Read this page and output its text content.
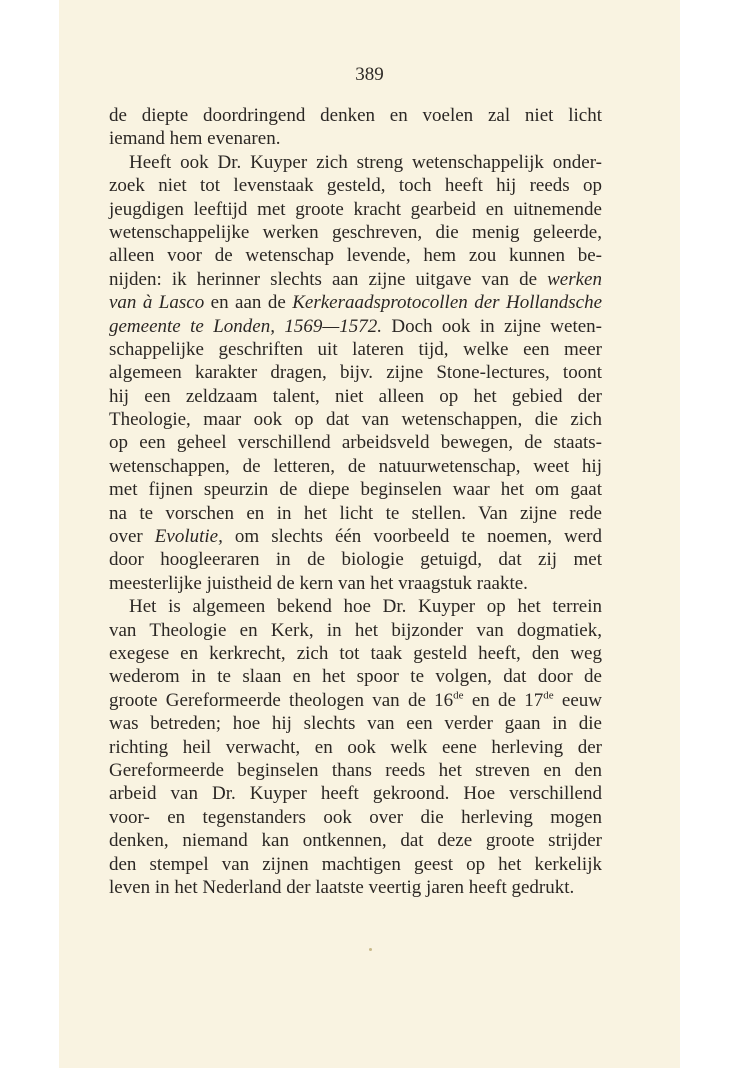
389
de diepte doordringend denken en voelen zal niet licht
iemand hem evenaren.
Heeft ook Dr. Kuyper zich streng wetenschappelijk onder-
zoek niet tot levenstaak gesteld, toch heeft hij reeds op
jeugdigen leeftijd met groote kracht gearbeid en uitnemende
wetenschappelijke werken geschreven, die menig geleerde,
alleen voor de wetenschap levende, hem zou kunnen be-
nijden: ik herinner slechts aan zijne uitgave van de werken
van à Lasco en aan de Kerkeraadsprotocollen der Hollandsche
gemeente te Londen, 1569—1572. Doch ook in zijne weten-
schappelijke geschriften uit lateren tijd, welke een meer
algemeen karakter dragen, bijv. zijne Stone-lectures, toont
hij een zeldzaam talent, niet alleen op het gebied der
Theologie, maar ook op dat van wetenschappen, die zich
op een geheel verschillend arbeidsveld bewegen, de staats-
wetenschappen, de letteren, de natuurwetenschap, weet hij
met fijnen speurzin de diepe beginselen waar het om gaat
na te vorschen en in het licht te stellen. Van zijne rede
over Evolutie, om slechts één voorbeeld te noemen, werd
door hoogleeraren in de biologie getuigd, dat zij met
meesterlijke juistheid de kern van het vraagstuk raakte.
Het is algemeen bekend hoe Dr. Kuyper op het terrein
van Theologie en Kerk, in het bijzonder van dogmatiek,
exegese en kerkrecht, zich tot taak gesteld heeft, den weg
wederom in te slaan en het spoor te volgen, dat door de
groote Gereformeerde theologen van de 16de en de 17de eeuw
was betreden; hoe hij slechts van een verder gaan in die
richting heil verwacht, en ook welk eene herleving der
Gereformeerde beginselen thans reeds het streven en den
arbeid van Dr. Kuyper heeft gekroond. Hoe verschillend
voor- en tegenstanders ook over die herleving mogen
denken, niemand kan ontkennen, dat deze groote strijder
den stempel van zijnen machtigen geest op het kerkelijk
leven in het Nederland der laatste veertig jaren heeft gedrukt.
